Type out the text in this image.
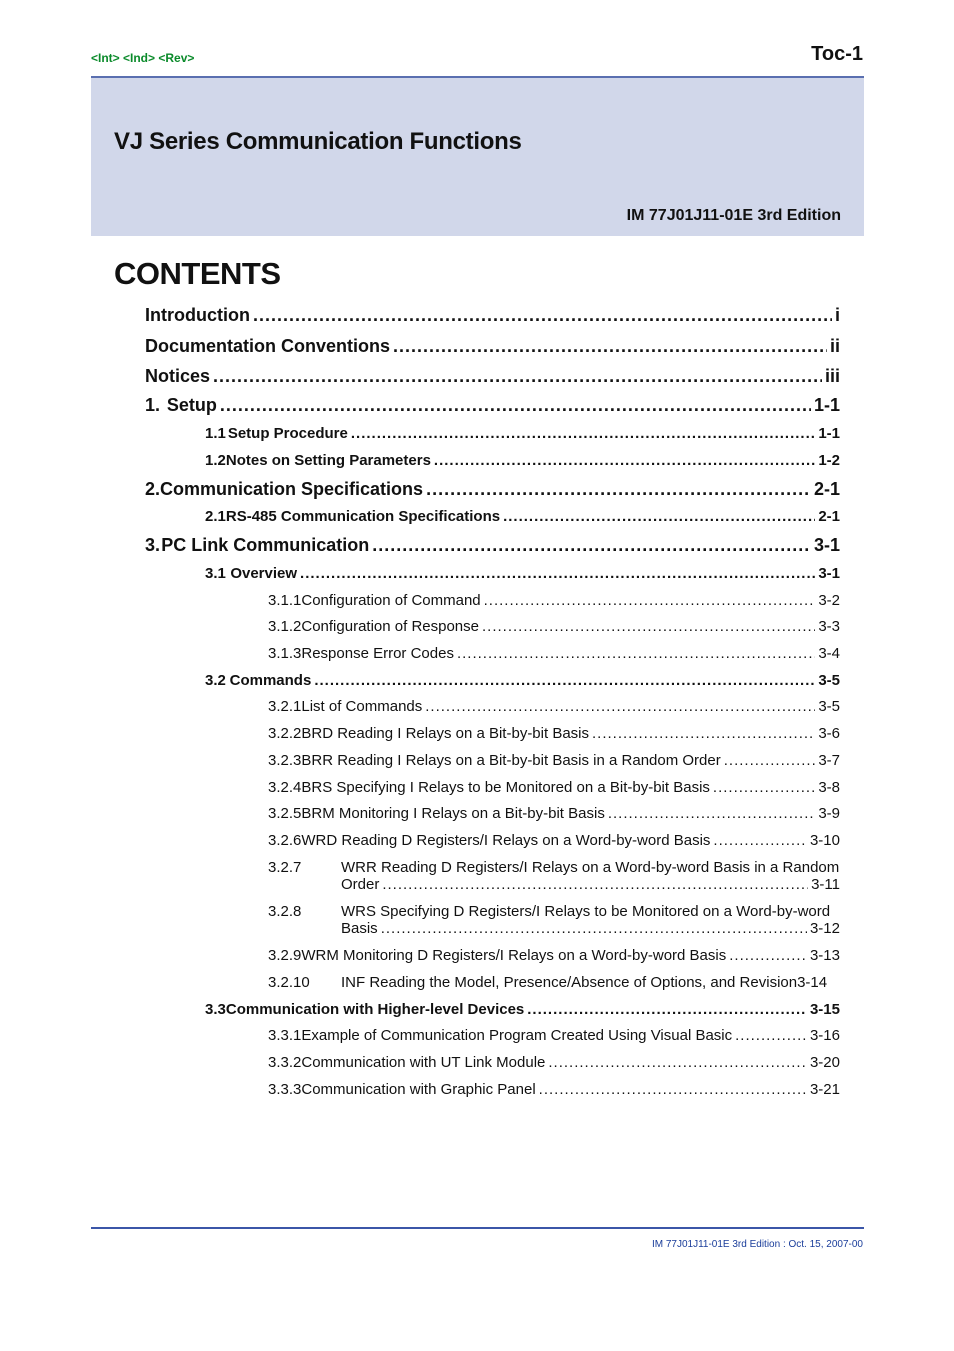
<Int> <Ind> <Rev>	Toc-1
VJ Series Communication Functions
IM 77J01J11-01E 3rd Edition
CONTENTS
Introduction .....	i
Documentation Conventions .....	ii
Notices .....	iii
1. Setup .....	1-1
1.1 Setup Procedure .....	1-1
1.2 Notes on Setting Parameters .....	1-2
2. Communication Specifications .....	2-1
2.1 RS-485 Communication Specifications .....	2-1
3. PC Link Communication .....	3-1
3.1 Overview .....	3-1
3.1.1 Configuration of Command .....	3-2
3.1.2 Configuration of Response .....	3-3
3.1.3 Response Error Codes .....	3-4
3.2 Commands .....	3-5
3.2.1 List of Commands .....	3-5
3.2.2 BRD Reading I Relays on a Bit-by-bit Basis .....	3-6
3.2.3 BRR Reading I Relays on a Bit-by-bit Basis in a Random Order .....	3-7
3.2.4 BRS Specifying I Relays to be Monitored on a Bit-by-bit Basis .....	3-8
3.2.5 BRM Monitoring I Relays on a Bit-by-bit Basis .....	3-9
3.2.6 WRD Reading D Registers/I Relays on a Word-by-word Basis .....	3-10
3.2.7	WRR Reading D Registers/I Relays on a Word-by-word Basis in a Random
Order .....	3-11
3.2.8	WRS Specifying D Registers/I Relays to be Monitored on a Word-by-word
Basis .....	3-12
3.2.9 WRM Monitoring D Registers/I Relays on a Word-by-word Basis .....	3-13
3.2.10	INF Reading the Model, Presence/Absence of Options, and Revision 3-14
3.3 Communication with Higher-level Devices .....	3-15
3.3.1 Example of Communication Program Created Using Visual Basic .....	3-16
3.3.2 Communication with UT Link Module .....	3-20
3.3.3 Communication with Graphic Panel .....	3-21
IM 77J01J11-01E 3rd Edition : Oct. 15, 2007-00
